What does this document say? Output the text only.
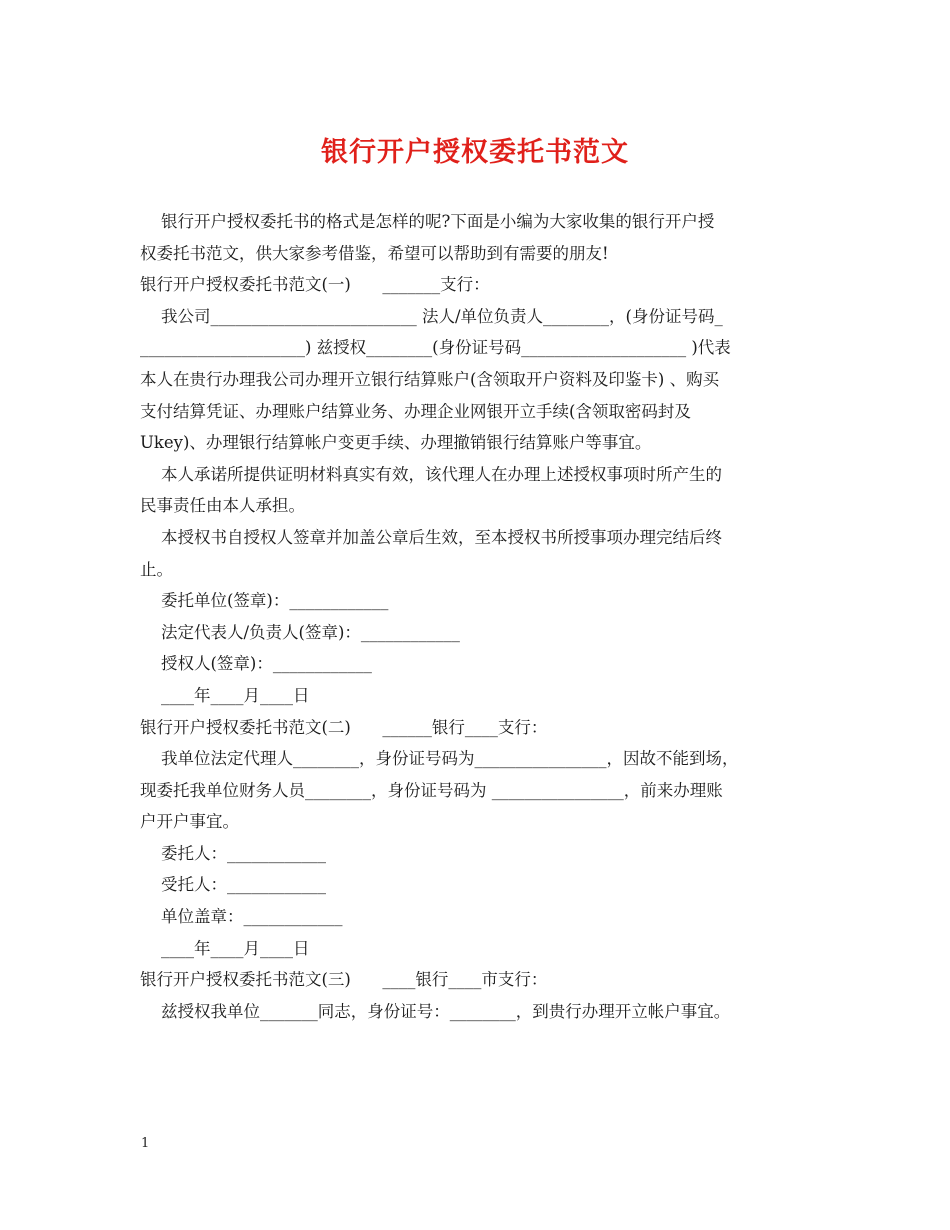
银行开户授权委托书范文
银行开户授权委托书的格式是怎样的呢?下面是小编为大家收集的银行开户授
权委托书范文，供大家参考借鉴，希望可以帮助到有需要的朋友!
银行开户授权委托书范文(一)      _______支行：
我公司_________________________ 法人/单位负责人________，(身份证号码_
____________________) 兹授权________(身份证号码____________________ )代表
本人在贵行办理我公司办理开立银行结算账户(含领取开户资料及印鉴卡) 、购买
支付结算凭证、办理账户结算业务、办理企业网银开立手续(含领取密码封及
Ukey)、办理银行结算帐户变更手续、办理撤销银行结算账户等事宜。
本人承诺所提供证明材料真实有效，该代理人在办理上述授权事项时所产生的
民事责任由本人承担。
本授权书自授权人签章并加盖公章后生效，至本授权书所授事项办理完结后终
止。
委托单位(签章)：____________
法定代表人/负责人(签章)：____________
授权人(签章)：____________
____年____月____日
银行开户授权委托书范文(二)      ______银行____支行：
我单位法定代理人________，身份证号码为________________，因故不能到场，
现委托我单位财务人员________，身份证号码为 ________________，前来办理账
户开户事宜。
委托人：____________
受托人：____________
单位盖章：____________
____年____月____日
银行开户授权委托书范文(三)      ____银行____市支行：
兹授权我单位_______同志，身份证号：________，到贵行办理开立帐户事宜。
1
